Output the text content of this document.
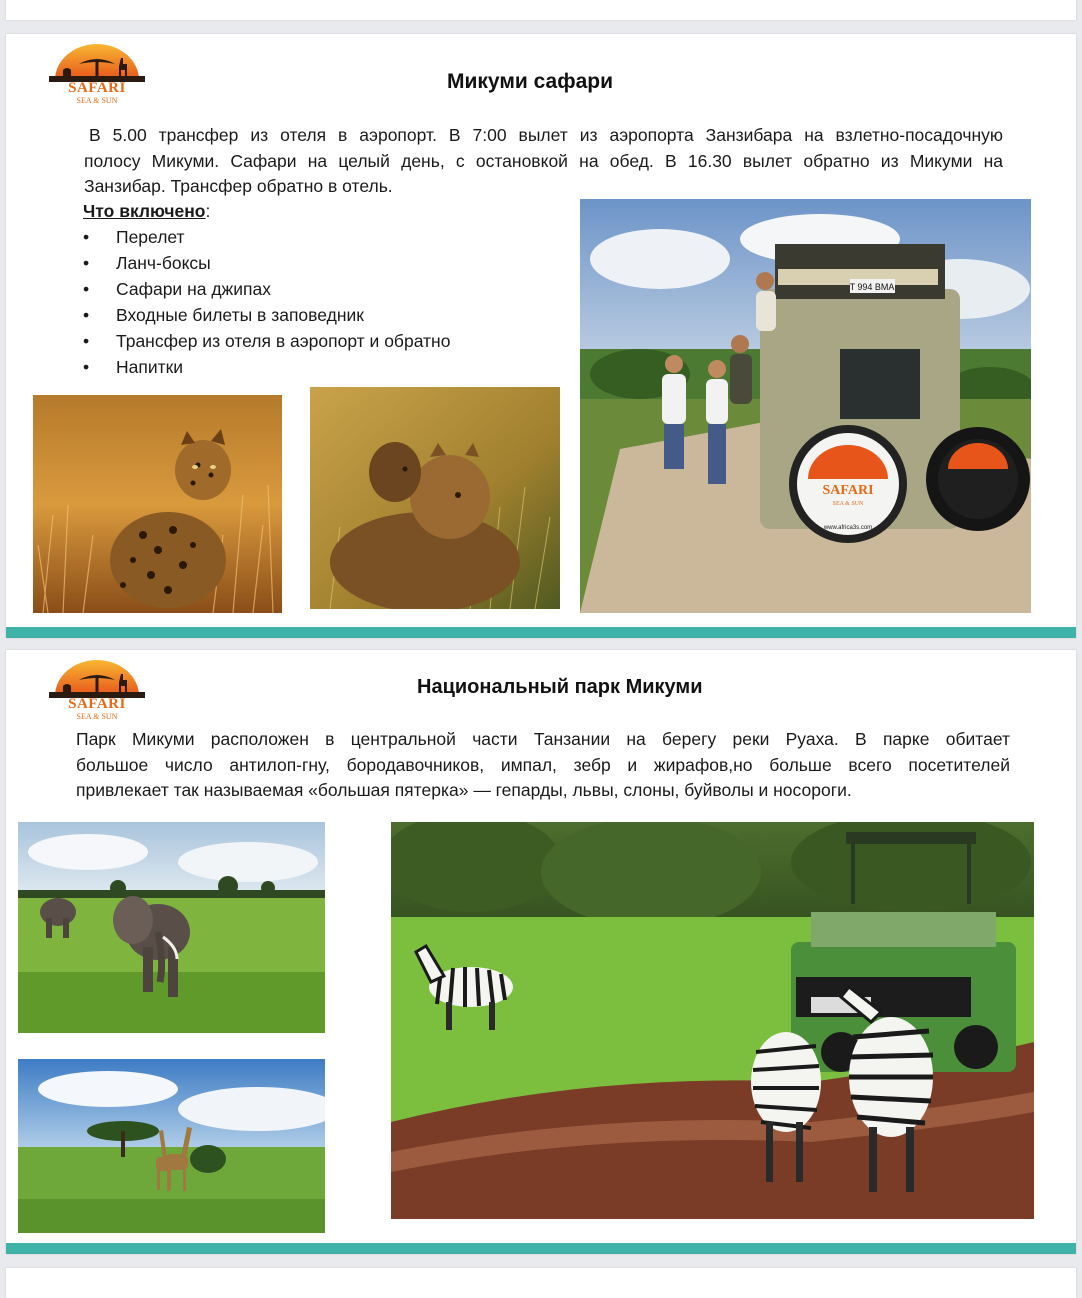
SAFARI
SEA & SUN
Микуми сафари
В 5.00 трансфер из отеля в аэропорт. В 7:00 вылет из аэропорта Занзибара на взлетно-посадочную
полосу Микуми. Сафари на целый день, с остановкой на обед. В 16.30 вылет обратно из Микуми на
Занзибар. Трансфер обратно в отель.
Что включено:
• Перелет
• Ланч-боксы
• Сафари на джипах
• Входные билеты в заповедник
• Трансфер из отеля в аэропорт и обратно
• Напитки
T 994 BMA
SAFARI
SEA & SUN
www.africa3s.com
SAFARI
SEA & SUN
Национальный парк Микуми
Парк Микуми расположен в центральной части Танзании на берегу реки Руаха. В парке обитает
большое число антилоп-гну, бородавочников, импал, зебр и жирафов,но больше всего посетителей
привлекает так называемая «большая пятерка» — гепарды, львы, слоны, буйволы и носороги.
